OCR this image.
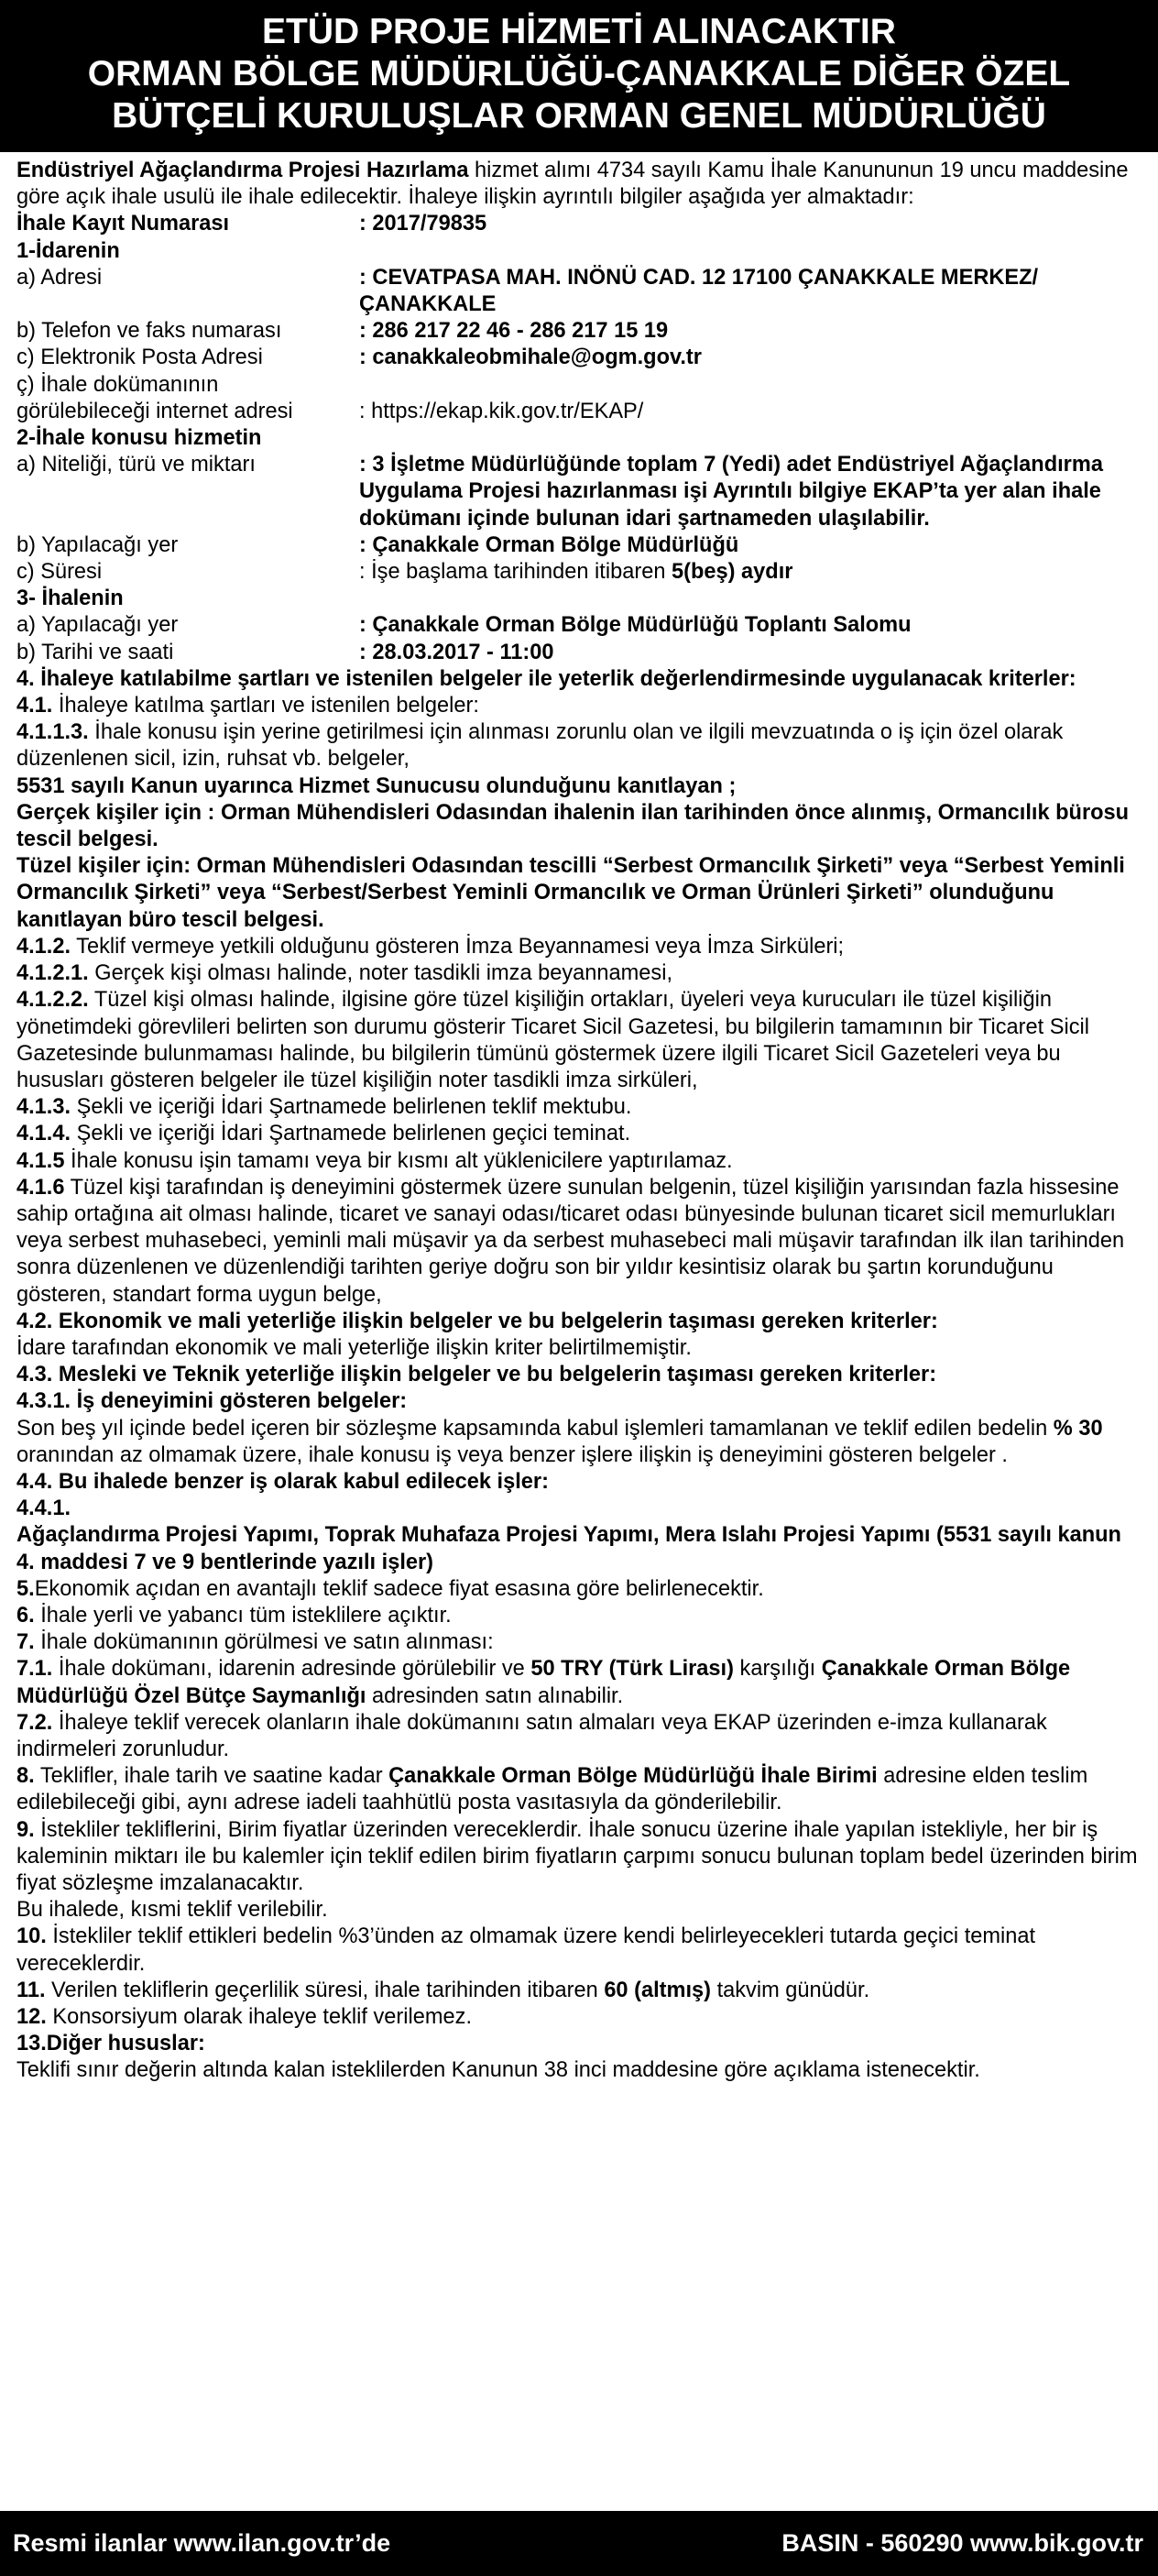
ETÜD PROJE HİZMETİ ALINACAKTIR
ORMAN BÖLGE MÜDÜRLÜĞÜ-ÇANAKKALE DİĞER ÖZEL
BÜTÇELİ KURULUŞLAR ORMAN GENEL MÜDÜRLÜĞÜ

Endüstriyel Ağaçlandırma Projesi Hazırlama hizmet alımı 4734 sayılı Kamu İhale Kanununun 19 uncu maddesine göre açık ihale usulü ile ihale edilecektir. İhaleye ilişkin ayrıntılı bilgiler aşağıda yer almaktadır:

İhale Kayıt Numarası	: 2017/79835

1-İdarenin

a) Adresi	: CEVATPASA MAH. INÖNÜ CAD. 12 17100 ÇANAKKALE MERKEZ/ÇANAKKALE
b) Telefon ve faks numarası	: 286 217 22 46 - 286 217 15 19
c) Elektronik Posta Adresi	: canakkaleobmihale@ogm.gov.tr

ç) İhale dokümanının

görülebileceği internet adresi	: https://ekap.kik.gov.tr/EKAP/

2-İhale konusu hizmetin

a) Niteliği, türü ve miktarı	: 3 İşletme Müdürlüğünde toplam 7 (Yedi) adet Endüstriyel Ağaçlandırma Uygulama Projesi hazırlanması işi Ayrıntılı bilgiye EKAP’ta yer alan ihale dokümanı içinde bulunan idari şartnameden ulaşılabilir.
b) Yapılacağı yer	: Çanakkale Orman Bölge Müdürlüğü
c) Süresi	: İşe başlama tarihinden itibaren 5(beş) aydır

3- İhalenin

a) Yapılacağı yer	: Çanakkale Orman Bölge Müdürlüğü Toplantı Salomu
b) Tarihi ve saati	: 28.03.2017 - 11:00

4. İhaleye katılabilme şartları ve istenilen belgeler ile yeterlik değerlendirmesinde uygulanacak kriterler:

4.1. İhaleye katılma şartları ve istenilen belgeler:

4.1.1.3. İhale konusu işin yerine getirilmesi için alınması zorunlu olan ve ilgili mevzuatında o iş için özel olarak düzenlenen sicil, izin, ruhsat vb. belgeler,

5531 sayılı Kanun uyarınca Hizmet Sunucusu olunduğunu kanıtlayan ;

Gerçek kişiler için : Orman Mühendisleri Odasından ihalenin ilan tarihinden önce alınmış, Ormancılık bürosu tescil belgesi.

Tüzel kişiler için: Orman Mühendisleri Odasından tescilli “Serbest Ormancılık Şirketi” veya “Serbest Yeminli Ormancılık Şirketi” veya “Serbest/Serbest Yeminli Ormancılık ve Orman Ürünleri Şirketi” olunduğunu kanıtlayan büro tescil belgesi.

4.1.2. Teklif vermeye yetkili olduğunu gösteren İmza Beyannamesi veya İmza Sirküleri;

4.1.2.1. Gerçek kişi olması halinde, noter tasdikli imza beyannamesi,

4.1.2.2. Tüzel kişi olması halinde, ilgisine göre tüzel kişiliğin ortakları, üyeleri veya kurucuları ile tüzel kişiliğin yönetimdeki görevlileri belirten son durumu gösterir Ticaret Sicil Gazetesi, bu bilgilerin tamamının bir Ticaret Sicil Gazetesinde bulunmaması halinde, bu bilgilerin tümünü göstermek üzere ilgili Ticaret Sicil Gazeteleri veya bu hususları gösteren belgeler ile tüzel kişiliğin noter tasdikli imza sirküleri,

4.1.3. Şekli ve içeriği İdari Şartnamede belirlenen teklif mektubu.

4.1.4. Şekli ve içeriği İdari Şartnamede belirlenen geçici teminat.

4.1.5 İhale konusu işin tamamı veya bir kısmı alt yüklenicilere yaptırılamaz.

4.1.6 Tüzel kişi tarafından iş deneyimini göstermek üzere sunulan belgenin, tüzel kişiliğin yarısından fazla hissesine sahip ortağına ait olması halinde, ticaret ve sanayi odası/ticaret odası bünyesinde bulunan ticaret sicil memurlukları veya serbest muhasebeci, yeminli mali müşavir ya da serbest muhasebeci mali müşavir tarafından ilk ilan tarihinden sonra düzenlenen ve düzenlendiği tarihten geriye doğru son bir yıldır kesintisiz olarak bu şartın korunduğunu gösteren, standart forma uygun belge,

4.2. Ekonomik ve mali yeterliğe ilişkin belgeler ve bu belgelerin taşıması gereken kriterler:

İdare tarafından ekonomik ve mali yeterliğe ilişkin kriter belirtilmemiştir.

4.3. Mesleki ve Teknik yeterliğe ilişkin belgeler ve bu belgelerin taşıması gereken kriterler:

4.3.1. İş deneyimini gösteren belgeler:

Son beş yıl içinde bedel içeren bir sözleşme kapsamında kabul işlemleri tamamlanan ve teklif edilen bedelin % 30 oranından az olmamak üzere, ihale konusu iş veya benzer işlere ilişkin iş deneyimini gösteren belgeler .

4.4. Bu ihalede benzer iş olarak kabul edilecek işler:

4.4.1.

Ağaçlandırma Projesi Yapımı, Toprak Muhafaza Projesi Yapımı, Mera Islahı Projesi Yapımı (5531 sayılı kanun 4. maddesi 7 ve 9 bentlerinde yazılı işler)

5.Ekonomik açıdan en avantajlı teklif sadece fiyat esasına göre belirlenecektir.

6. İhale yerli ve yabancı tüm isteklilere açıktır.

7. İhale dokümanının görülmesi ve satın alınması:

7.1. İhale dokümanı, idarenin adresinde görülebilir ve 50 TRY (Türk Lirası) karşılığı Çanakkale Orman Bölge Müdürlüğü Özel Bütçe Saymanlığı adresinden satın alınabilir.

7.2. İhaleye teklif verecek olanların ihale dokümanını satın almaları veya EKAP üzerinden e-imza kullanarak indirmeleri zorunludur.

8. Teklifler, ihale tarih ve saatine kadar Çanakkale Orman Bölge Müdürlüğü İhale Birimi adresine elden teslim edilebileceği gibi, aynı adrese iadeli taahhütlü posta vasıtasıyla da gönderilebilir.

9. İstekliler tekliflerini, Birim fiyatlar üzerinden vereceklerdir. İhale sonucu üzerine ihale yapılan istekliyle, her bir iş kaleminin miktarı ile bu kalemler için teklif edilen birim fiyatların çarpımı sonucu bulunan toplam bedel üzerinden birim fiyat sözleşme imzalanacaktır.

Bu ihalede, kısmi teklif verilebilir.

10. İstekliler teklif ettikleri bedelin %3’ünden az olmamak üzere kendi belirleyecekleri tutarda geçici teminat vereceklerdir.

11. Verilen tekliflerin geçerlilik süresi, ihale tarihinden itibaren 60 (altmış) takvim günüdür.

12. Konsorsiyum olarak ihaleye teklif verilemez.

13.Diğer hususlar:

Teklifi sınır değerin altında kalan isteklilerden Kanunun 38 inci maddesine göre açıklama istenecektir.

Resmi ilanlar www.ilan.gov.tr’de	BASIN - 560290 www.bik.gov.tr
